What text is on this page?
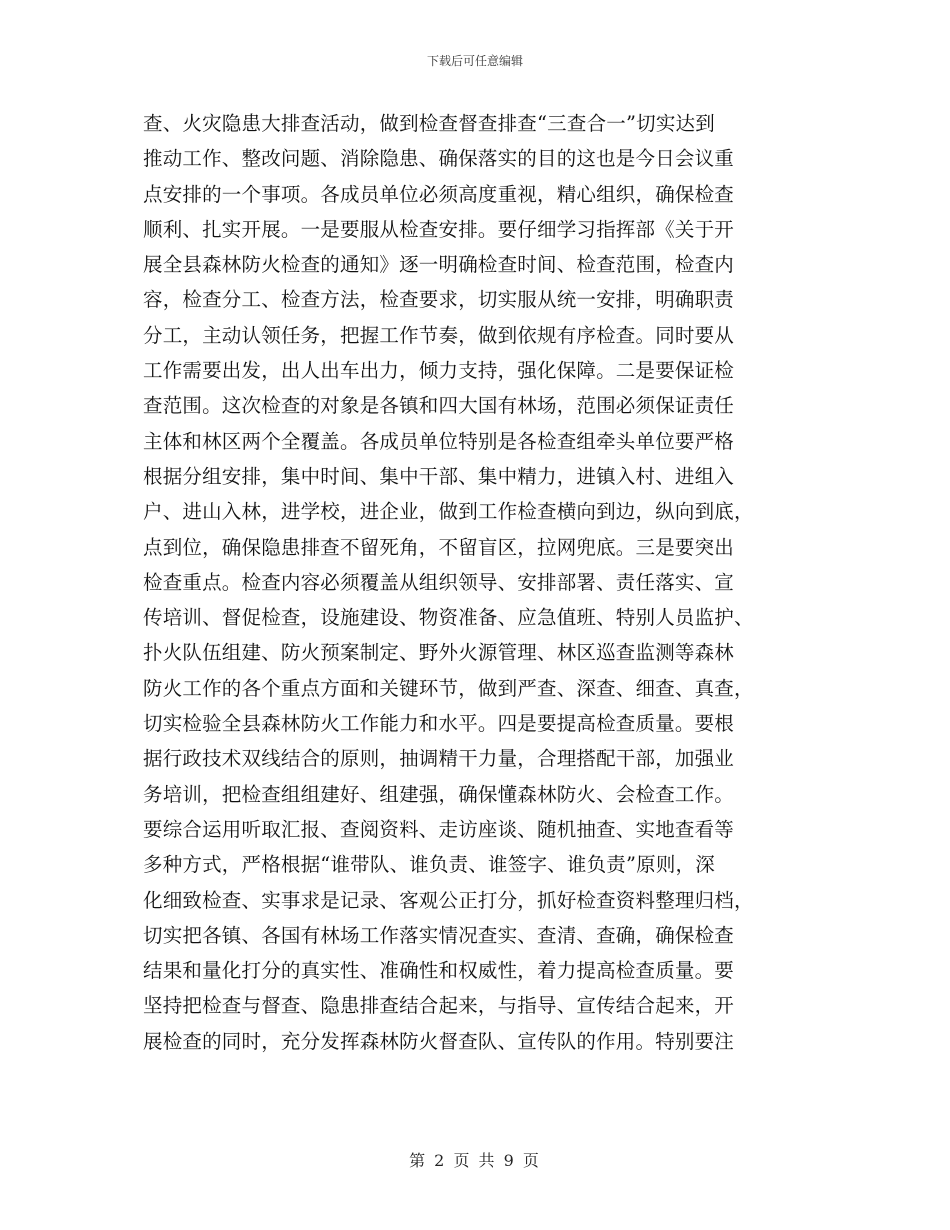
下载后可任意编辑
查、火灾隐患大排查活动，做到检查督查排查“三查合一”切实达到
推动工作、整改问题、消除隐患、确保落实的目的这也是今日会议重
点安排的一个事项。各成员单位必须高度重视，精心组织，确保检查
顺利、扎实开展。一是要服从检查安排。要仔细学习指挥部《关于开
展全县森林防火检查的通知》逐一明确检查时间、检查范围，检查内
容，检查分工、检查方法，检查要求，切实服从统一安排，明确职责
分工，主动认领任务，把握工作节奏，做到依规有序检查。同时要从
工作需要出发，出人出车出力，倾力支持，强化保障。二是要保证检
查范围。这次检查的对象是各镇和四大国有林场，范围必须保证责任
主体和林区两个全覆盖。各成员单位特别是各检查组牵头单位要严格
根据分组安排，集中时间、集中干部、集中精力，进镇入村、进组入
户、进山入林，进学校，进企业，做到工作检查横向到边，纵向到底，
点到位，确保隐患排查不留死角，不留盲区，拉网兜底。三是要突出
检查重点。检查内容必须覆盖从组织领导、安排部署、责任落实、宣
传培训、督促检查，设施建设、物资准备、应急值班、特别人员监护、
扑火队伍组建、防火预案制定、野外火源管理、林区巡查监测等森林
防火工作的各个重点方面和关键环节，做到严查、深查、细查、真查，
切实检验全县森林防火工作能力和水平。四是要提高检查质量。要根
据行政技术双线结合的原则，抽调精干力量，合理搭配干部，加强业
务培训，把检查组组建好、组建强，确保懂森林防火、会检查工作。
要综合运用听取汇报、查阅资料、走访座谈、随机抽查、实地查看等
多种方式，严格根据“谁带队、谁负责、谁签字、谁负责”原则，深
化细致检查、实事求是记录、客观公正打分，抓好检查资料整理归档，
切实把各镇、各国有林场工作落实情况查实、查清、查确，确保检查
结果和量化打分的真实性、准确性和权威性，着力提高检查质量。要
坚持把检查与督查、隐患排查结合起来，与指导、宣传结合起来，开
展检查的同时，充分发挥森林防火督查队、宣传队的作用。特别要注
第 2 页 共 9 页
